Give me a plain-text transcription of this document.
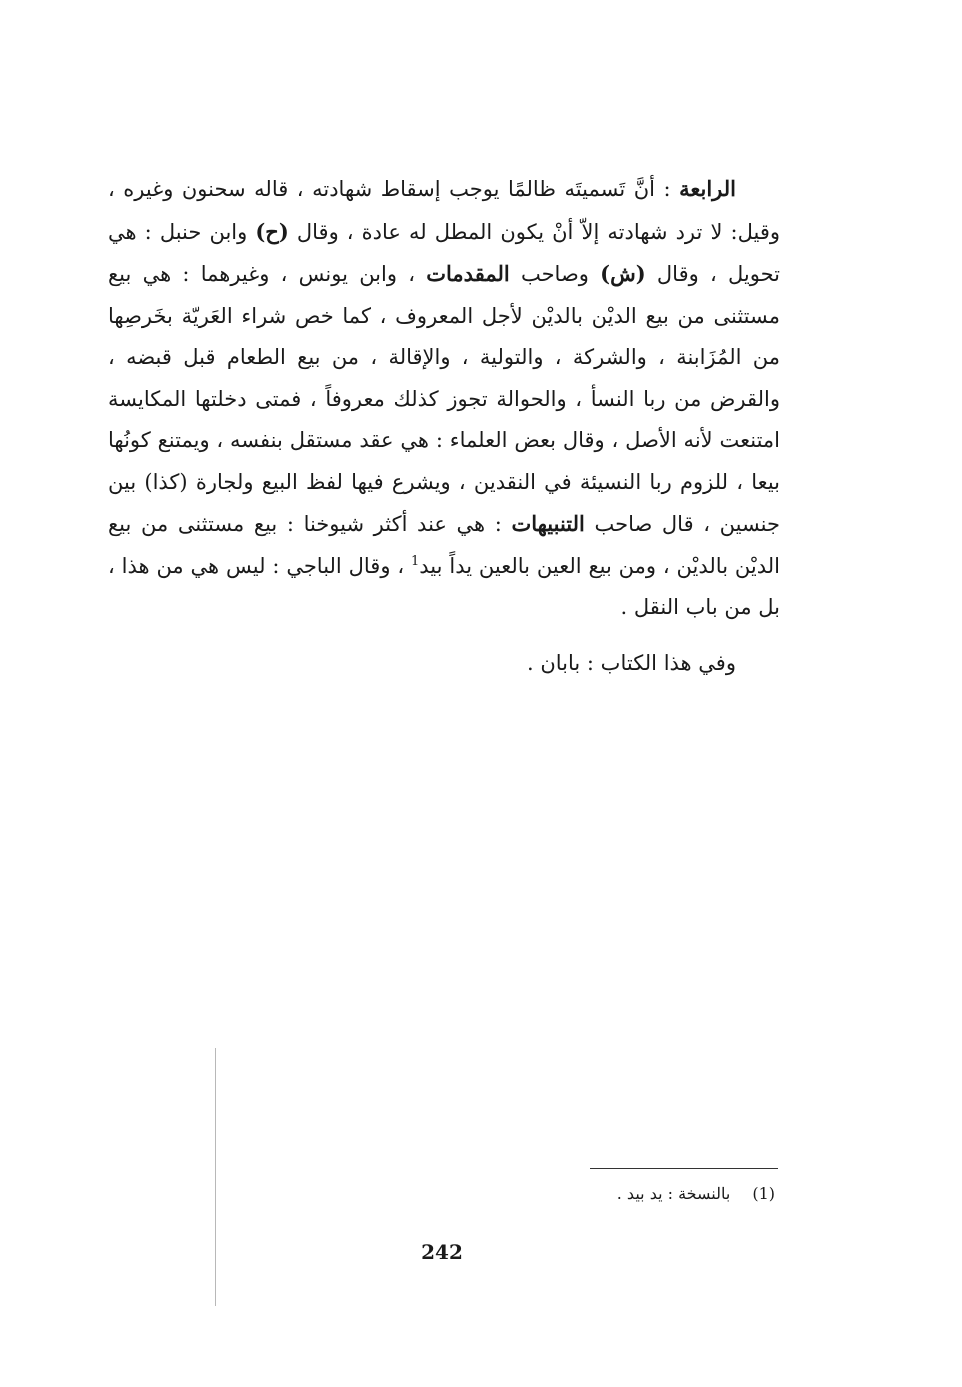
الرابعة : أنَّ تَسميتَه ظالمًا يوجب إسقاط شهادته ، قاله سحنون وغيره ، وقيل: لا ترد شهادته إلاّ أنْ يكون المطل له عادة ، وقال (ح) وابن حنبل : هي تحويل ، وقال (ش) وصاحب المقدمات ، وابن يونس ، وغيرهما : هي بيع مستثنى من بيع الديْن بالديْن لأجل المعروف ، كما خص شراء العَريّة بخَرصِها من المُزَابنة ، والشركة ، والتولية ، والإقالة ، من بيع الطعام قبل قبضه ، والقرض من ربا النسأ ، والحوالة تجوز كذلك معروفاً ، فمتى دخلتها المكايسة امتنعت لأنه الأصل ، وقال بعض العلماء : هي عقد مستقل بنفسه ، ويمتنع كونُها بيعا ، للزوم ربا النسيئة في النقدين ، ويشرع فيها لفظ البيع ولجارة (كذا) بين جنسين ، قال صاحب التنبيهات : هي عند أكثر شيوخنا : بيع مستثنى من بيع الديْن بالديْن ، ومن بيع العين بالعين يداً بيد$^1$ ، وقال الباجي : ليس هي من هذا ، بل من باب النقل .

وفي هذا الكتاب : بابان .

(1)بالنسخة : يد بيد .
242
